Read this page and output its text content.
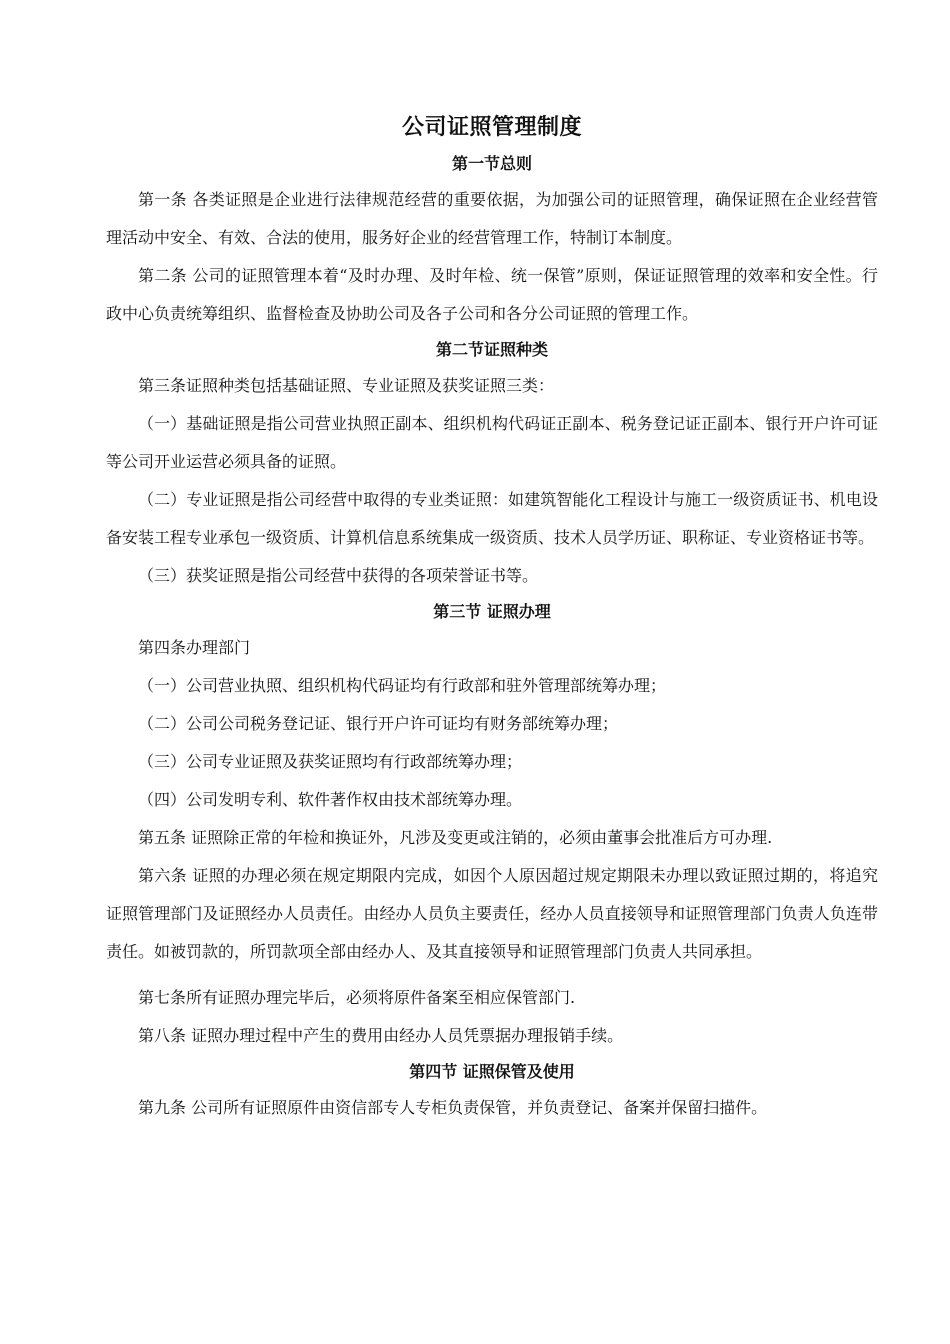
公司证照管理制度
第一节总则

第一条 各类证照是企业进行法律规范经营的重要依据，为加强公司的证照管理，确保证照在企业经营管理活动中安全、有效、合法的使用，服务好企业的经营管理工作，特制订本制度。

第二条 公司的证照管理本着“及时办理、及时年检、统一保管”原则，保证证照管理的效率和安全性。行政中心负责统筹组织、监督检查及协助公司及各子公司和各分公司证照的管理工作。

第二节证照种类

第三条证照种类包括基础证照、专业证照及获奖证照三类：

（一）基础证照是指公司营业执照正副本、组织机构代码证正副本、税务登记证正副本、银行开户许可证等公司开业运营必须具备的证照。

（二）专业证照是指公司经营中取得的专业类证照：如建筑智能化工程设计与施工一级资质证书、机电设备安装工程专业承包一级资质、计算机信息系统集成一级资质、技术人员学历证、职称证、专业资格证书等。

（三）获奖证照是指公司经营中获得的各项荣誉证书等。

第三节 证照办理

第四条办理部门

（一）公司营业执照、组织机构代码证均有行政部和驻外管理部统筹办理；

（二）公司公司税务登记证、银行开户许可证均有财务部统筹办理；

（三）公司专业证照及获奖证照均有行政部统筹办理；

（四）公司发明专利、软件著作权由技术部统筹办理。

第五条 证照除正常的年检和换证外，凡涉及变更或注销的，必须由董事会批准后方可办理.

第六条 证照的办理必须在规定期限内完成，如因个人原因超过规定期限未办理以致证照过期的，将追究证照管理部门及证照经办人员责任。由经办人员负主要责任，经办人员直接领导和证照管理部门负责人负连带责任。如被罚款的，所罚款项全部由经办人、及其直接领导和证照管理部门负责人共同承担。

第七条所有证照办理完毕后，必须将原件备案至相应保管部门.

第八条 证照办理过程中产生的费用由经办人员凭票据办理报销手续。

第四节 证照保管及使用

第九条 公司所有证照原件由资信部专人专柜负责保管，并负责登记、备案并保留扫描件。
